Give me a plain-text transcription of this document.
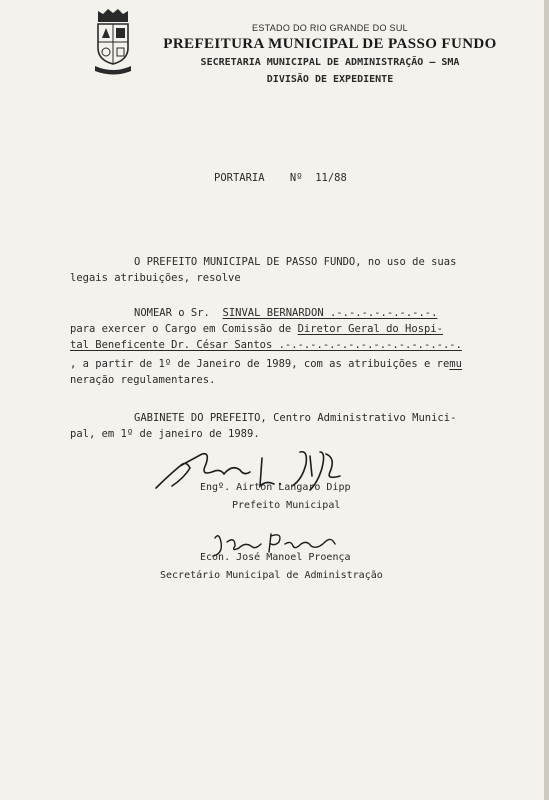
ESTADO DO RIO GRANDE DO SUL
PREFEITURA MUNICIPAL DE PASSO FUNDO
SECRETARIA MUNICIPAL DE ADMINISTRAÇÃO — SMA
DIVISÃO DE EXPEDIENTE
PORTARIA Nº 11/88
O PREFEITO MUNICIPAL DE PASSO FUNDO, no uso de suas
legais atribuições, resolve
NOMEAR o Sr. SINVAL BERNARDON .-.-.-.-.-.-.-.-.
para exercer o Cargo em Comissão de Diretor Geral do Hospi-
tal Beneficente Dr. César Santos .-.-.-.-.-.-.-.-.-.-.-.-.-.-.
, a partir de 1º de Janeiro de 1989, com as atribuições e remu
neração regulamentares.
GABINETE DO PREFEITO, Centro Administrativo Munici-
pal, em 1º de janeiro de 1989.
Engº. Airton Langaro Dipp
Prefeito Municipal
Econ. José Manoel Proença
Secretário Municipal de Administração
